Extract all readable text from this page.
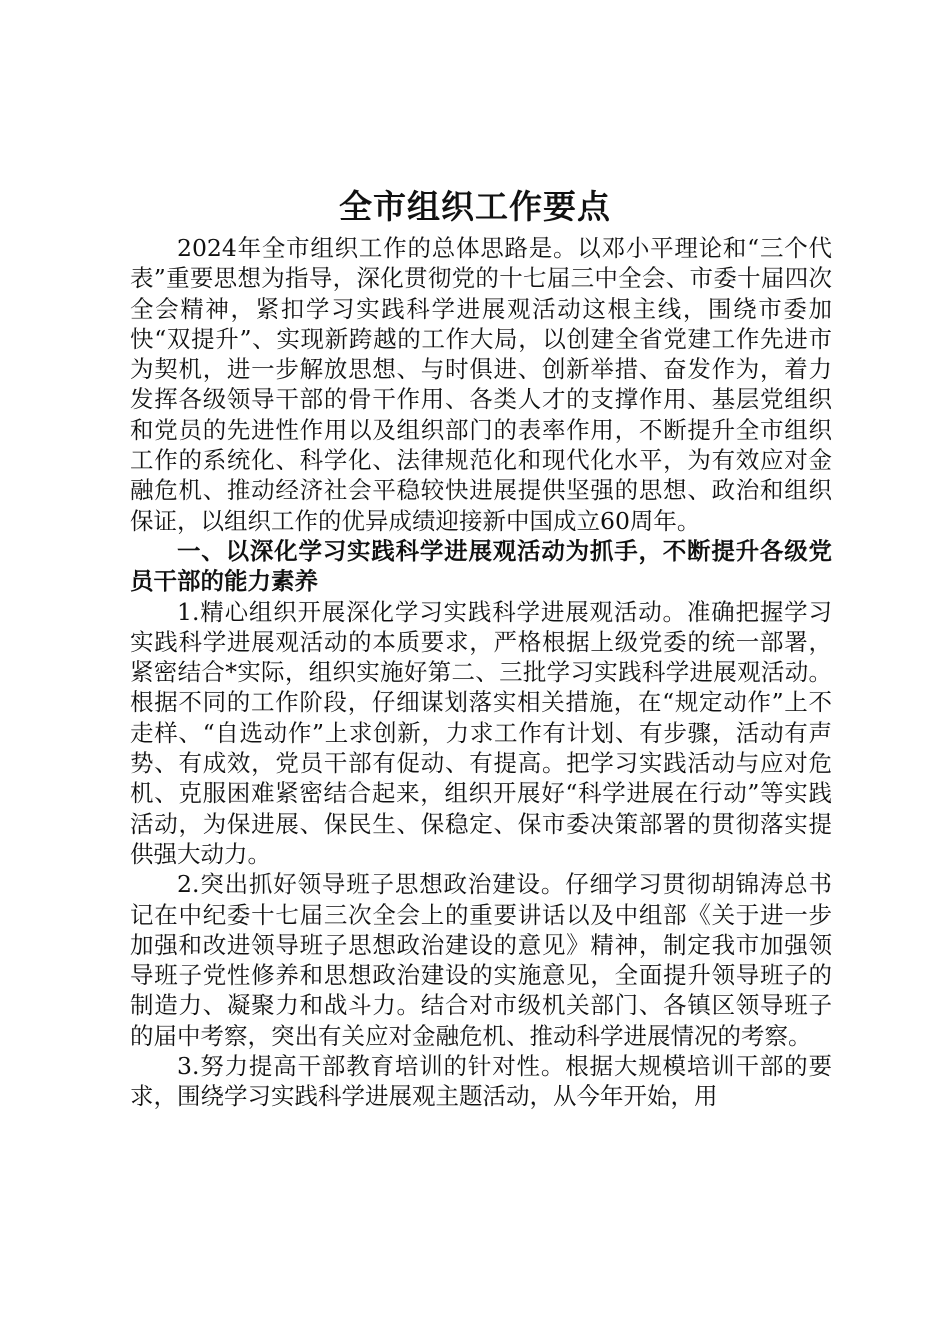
全市组织工作要点

2024年全市组织工作的总体思路是。以邓小平理论和“三个代表”重要思想为指导，深化贯彻党的十七届三中全会、市委十届四次全会精神，紧扣学习实践科学进展观活动这根主线，围绕市委加快“双提升”、实现新跨越的工作大局，以创建全省党建工作先进市为契机，进一步解放思想、与时俱进、创新举措、奋发作为，着力发挥各级领导干部的骨干作用、各类人才的支撑作用、基层党组织和党员的先进性作用以及组织部门的表率作用，不断提升全市组织工作的系统化、科学化、法律规范化和现代化水平，为有效应对金融危机、推动经济社会平稳较快进展提供坚强的思想、政治和组织保证，以组织工作的优异成绩迎接新中国成立60周年。

一、以深化学习实践科学进展观活动为抓手，不断提升各级党员干部的能力素养

1.精心组织开展深化学习实践科学进展观活动。准确把握学习实践科学进展观活动的本质要求，严格根据上级党委的统一部署，紧密结合*实际，组织实施好第二、三批学习实践科学进展观活动。根据不同的工作阶段，仔细谋划落实相关措施，在“规定动作”上不走样、“自选动作”上求创新，力求工作有计划、有步骤，活动有声势、有成效，党员干部有促动、有提高。把学习实践活动与应对危机、克服困难紧密结合起来，组织开展好“科学进展在行动”等实践活动，为保进展、保民生、保稳定、保市委决策部署的贯彻落实提供强大动力。

2.突出抓好领导班子思想政治建设。仔细学习贯彻胡锦涛总书记在中纪委十七届三次全会上的重要讲话以及中组部《关于进一步加强和改进领导班子思想政治建设的意见》精神，制定我市加强领导班子党性修养和思想政治建设的实施意见，全面提升领导班子的制造力、凝聚力和战斗力。结合对市级机关部门、各镇区领导班子的届中考察，突出有关应对金融危机、推动科学进展情况的考察。

3.努力提高干部教育培训的针对性。根据大规模培训干部的要求，围绕学习实践科学进展观主题活动，从今年开始，用
